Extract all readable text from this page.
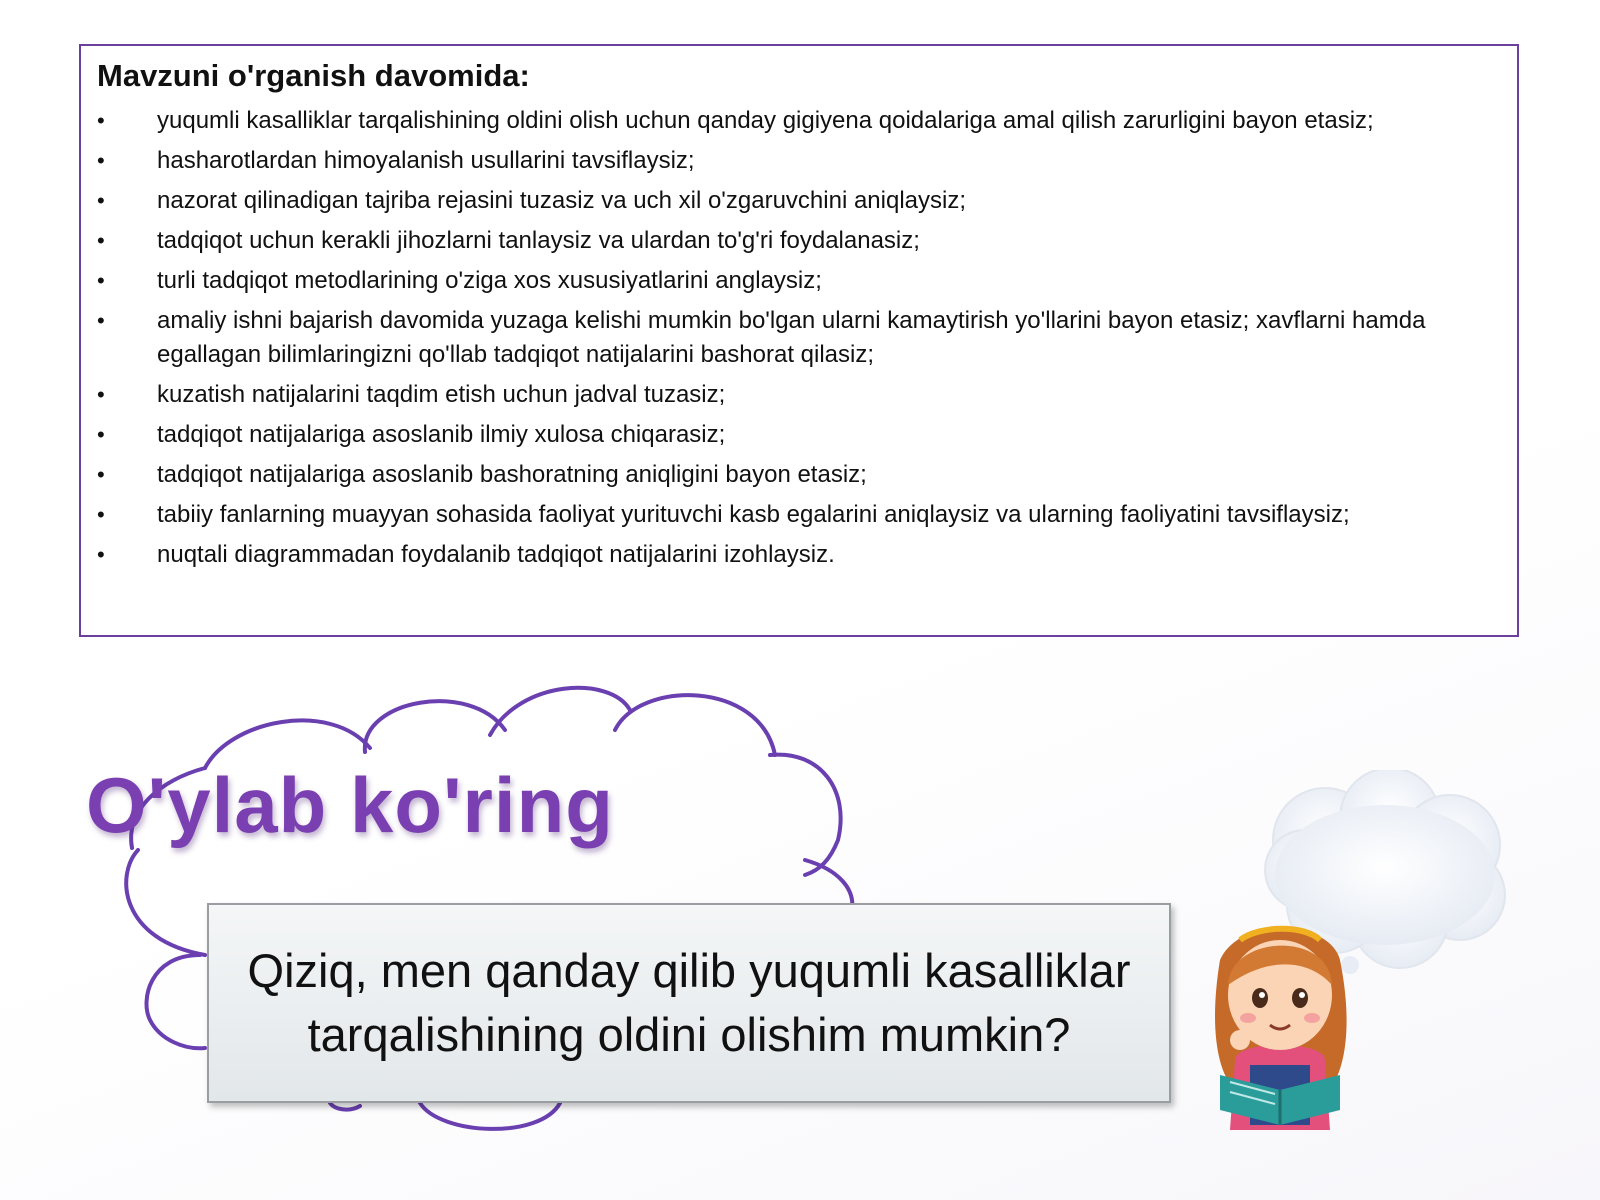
Mavzuni o'rganish davomida:
• yuqumli kasalliklar tarqalishining oldini olish uchun qanday gigiyena qoidalariga amal qilish zarurligini bayon etasiz;
• hasharotlardan himoyalanish usullarini tavsiflaysiz;
• nazorat qilinadigan tajriba rejasini tuzasiz va uch xil o'zgaruvchini aniqlaysiz;
• tadqiqot uchun kerakli jihozlarni tanlaysiz va ulardan to'g'ri foydalanasiz;
• turli tadqiqot metodlarining o'ziga xos xususiyatlarini anglaysiz;
• amaliy ishni bajarish davomida yuzaga kelishi mumkin bo'lgan ularni kamaytirish yo'llarini bayon etasiz; xavflarni hamda egallagan bilimlaringizni qo'llab tadqiqot natijalarini bashorat qilasiz;
• kuzatish natijalarini taqdim etish uchun jadval tuzasiz;
• tadqiqot natijalariga asoslanib ilmiy xulosa chiqarasiz;
• tadqiqot natijalariga asoslanib bashoratning aniqligini bayon etasiz;
• tabiiy fanlarning muayyan sohasida faoliyat yurituvchi kasb egalarini aniqlaysiz va ularning faoliyatini tavsiflaysiz;
• nuqtali diagrammadan foydalanib tadqiqot natijalarini izohlaysiz.
O'ylab ko'ring
Qiziq, men qanday qilib yuqumli kasalliklar tarqalishining oldini olishim mumkin?
